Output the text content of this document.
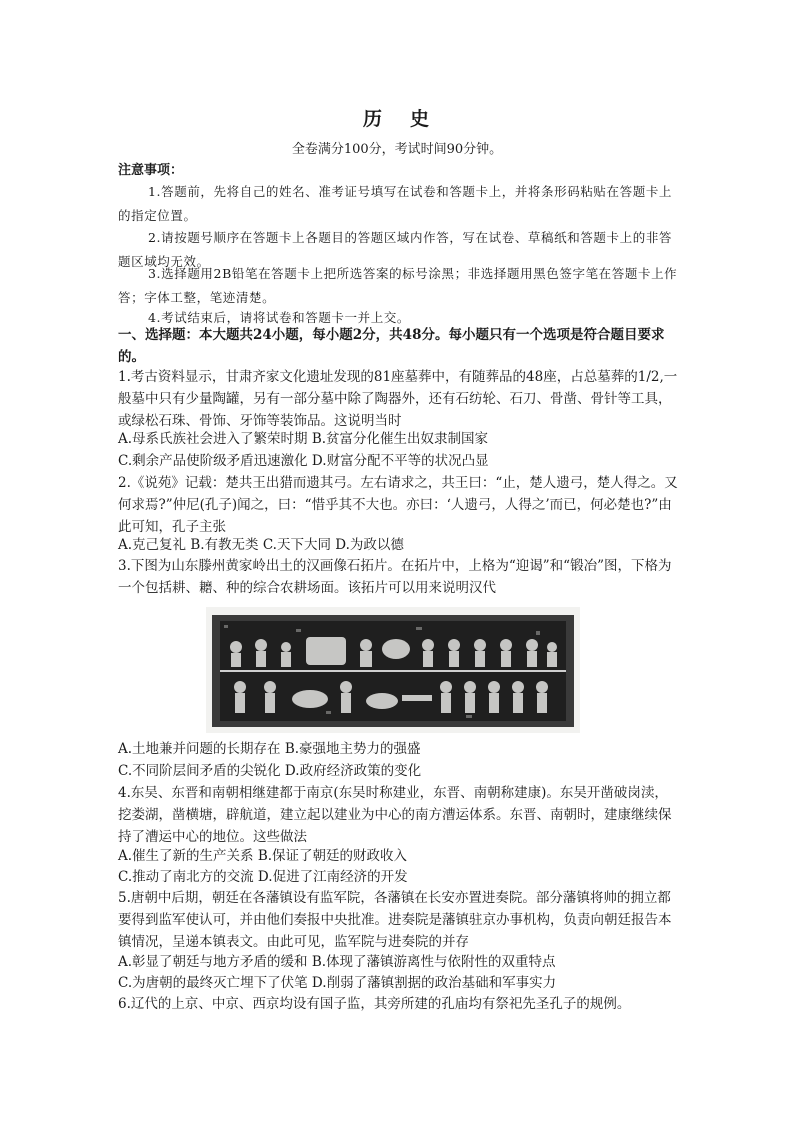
历 史
全卷满分100分，考试时间90分钟。
注意事项：
1.答题前，先将自己的姓名、准考证号填写在试卷和答题卡上，并将条形码粘贴在答题卡上的指定位置。
2.请按题号顺序在答题卡上各题目的答题区域内作答，写在试卷、草稿纸和答题卡上的非答题区域均无效。
3.选择题用2B铅笔在答题卡上把所选答案的标号涂黑；非选择题用黑色签字笔在答题卡上作答；字体工整，笔迹清楚。
4.考试结束后，请将试卷和答题卡一并上交。
一、选择题：本大题共24小题，每小题2分，共48分。每小题只有一个选项是符合题目要求的。
1.考古资料显示，甘肃齐家文化遗址发现的81座墓葬中，有随葬品的48座，占总墓葬的1/2,一般墓中只有少量陶罐，另有一部分墓中除了陶器外，还有石纺轮、石刀、骨凿、骨针等工具，或绿松石珠、骨饰、牙饰等装饰品。这说明当时
A.母系氏族社会进入了繁荣时期 B.贫富分化催生出奴隶制国家
C.剩余产品使阶级矛盾迅速激化 D.财富分配不平等的状况凸显
2.《说苑》记载：楚共王出猎而遗其弓。左右请求之，共王曰：“止，楚人遗弓，楚人得之。又何求焉?”仲尼(孔子)闻之，曰：“惜乎其不大也。亦曰：‘人遗弓，人得之’而已，何必楚也?”由此可知，孔子主张
A.克己复礼 B.有教无类 C.天下大同 D.为政以德
3.下图为山东滕州黄家岭出土的汉画像石拓片。在拓片中，上格为“迎谒”和“锻冶”图，下格为一个包括耕、耱、种的综合农耕场面。该拓片可以用来说明汉代
A.土地兼并问题的长期存在 B.豪强地主势力的强盛
C.不同阶层间矛盾的尖锐化 D.政府经济政策的变化
4.东吴、东晋和南朝相继建都于南京(东吴时称建业，东晋、南朝称建康)。东吴开凿破岗渎，挖娄湖，凿横塘，辟航道，建立起以建业为中心的南方漕运体系。东晋、南朝时，建康继续保持了漕运中心的地位。这些做法
A.催生了新的生产关系 B.保证了朝廷的财政收入
C.推动了南北方的交流 D.促进了江南经济的开发
5.唐朝中后期，朝廷在各藩镇设有监军院，各藩镇在长安亦置进奏院。部分藩镇将帅的拥立都要得到监军使认可，并由他们奏报中央批准。进奏院是藩镇驻京办事机构，负责向朝廷报告本镇情况，呈递本镇表文。由此可见，监军院与进奏院的并存
A.彰显了朝廷与地方矛盾的缓和 B.体现了藩镇游离性与依附性的双重特点
C.为唐朝的最终灭亡埋下了伏笔 D.削弱了藩镇割据的政治基础和军事实力
6.辽代的上京、中京、西京均设有国子监，其旁所建的孔庙均有祭祀先圣孔子的规例。
